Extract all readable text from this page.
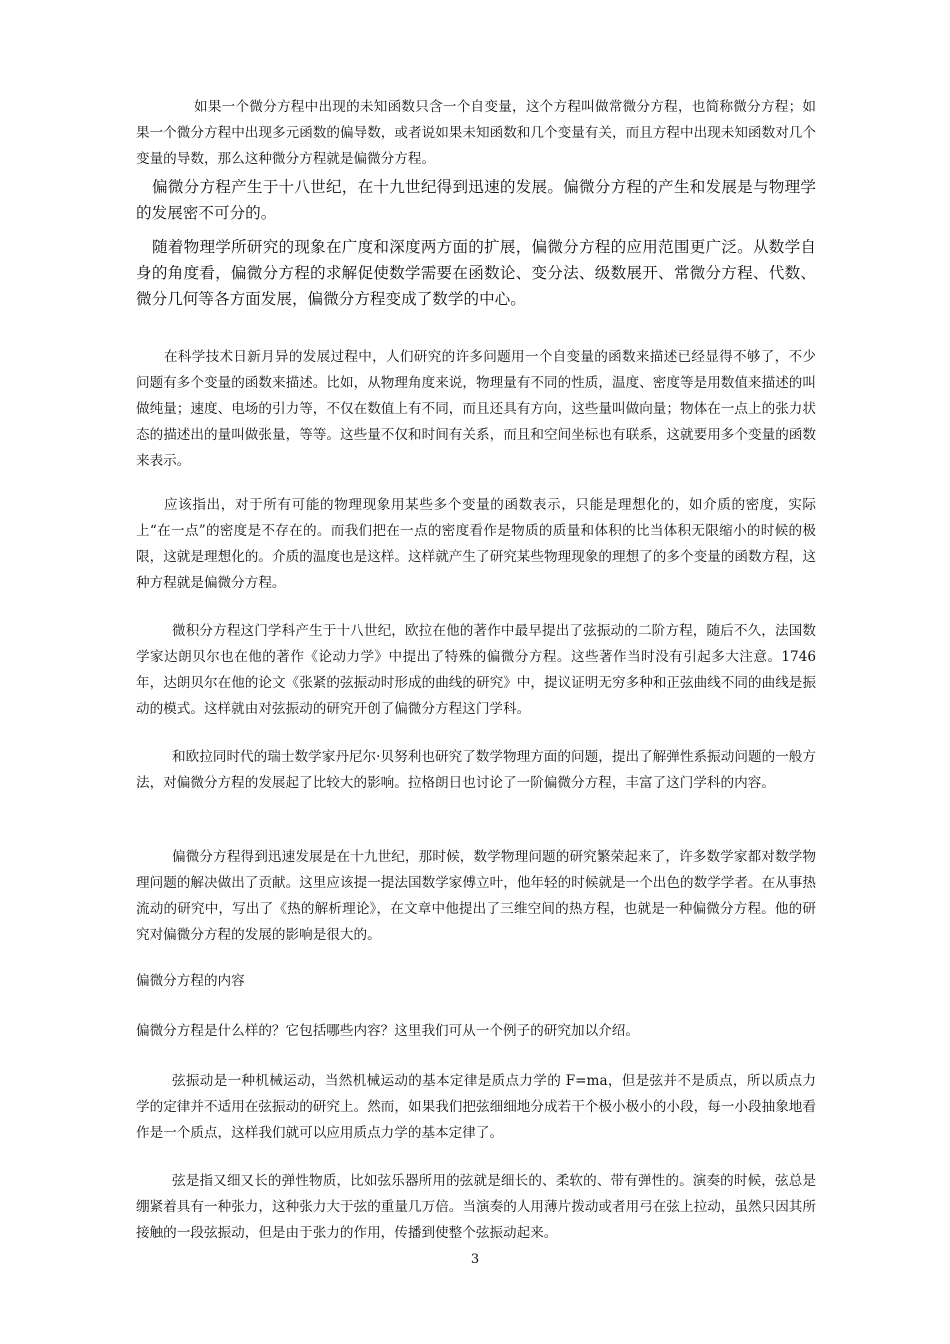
如果一个微分方程中出现的未知函数只含一个自变量，这个方程叫做常微分方程，也简称微分方程；如果一个微分方程中出现多元函数的偏导数，或者说如果未知函数和几个变量有关，而且方程中出现未知函数对几个变量的导数，那么这种微分方程就是偏微分方程。

偏微分方程产生于十八世纪，在十九世纪得到迅速的发展。偏微分方程的产生和发展是与物理学的发展密不可分的。

随着物理学所研究的现象在广度和深度两方面的扩展，偏微分方程的应用范围更广泛。从数学自身的角度看，偏微分方程的求解促使数学需要在函数论、变分法、级数展开、常微分方程、代数、微分几何等各方面发展，偏微分方程变成了数学的中心。

在科学技术日新月异的发展过程中，人们研究的许多问题用一个自变量的函数来描述已经显得不够了，不少问题有多个变量的函数来描述。比如，从物理角度来说，物理量有不同的性质，温度、密度等是用数值来描述的叫做纯量；速度、电场的引力等，不仅在数值上有不同，而且还具有方向，这些量叫做向量；物体在一点上的张力状态的描述出的量叫做张量，等等。这些量不仅和时间有关系，而且和空间坐标也有联系，这就要用多个变量的函数来表示。

应该指出，对于所有可能的物理现象用某些多个变量的函数表示，只能是理想化的，如介质的密度，实际上“在一点”的密度是不存在的。而我们把在一点的密度看作是物质的质量和体积的比当体积无限缩小的时候的极限，这就是理想化的。介质的温度也是这样。这样就产生了研究某些物理现象的理想了的多个变量的函数方程，这种方程就是偏微分方程。

微积分方程这门学科产生于十八世纪，欧拉在他的著作中最早提出了弦振动的二阶方程，随后不久，法国数学家达朗贝尔也在他的著作《论动力学》中提出了特殊的偏微分方程。这些著作当时没有引起多大注意。1746 年，达朗贝尔在他的论文《张紧的弦振动时形成的曲线的研究》中，提议证明无穷多种和正弦曲线不同的曲线是振动的模式。这样就由对弦振动的研究开创了偏微分方程这门学科。

和欧拉同时代的瑞士数学家丹尼尔·贝努利也研究了数学物理方面的问题，提出了解弹性系振动问题的一般方法，对偏微分方程的发展起了比较大的影响。拉格朗日也讨论了一阶偏微分方程，丰富了这门学科的内容。

偏微分方程得到迅速发展是在十九世纪，那时候，数学物理问题的研究繁荣起来了，许多数学家都对数学物理问题的解决做出了贡献。这里应该提一提法国数学家傅立叶，他年轻的时候就是一个出色的数学学者。在从事热流动的研究中，写出了《热的解析理论》，在文章中他提出了三维空间的热方程，也就是一种偏微分方程。他的研究对偏微分方程的发展的影响是很大的。

偏微分方程的内容

偏微分方程是什么样的？它包括哪些内容？这里我们可从一个例子的研究加以介绍。

弦振动是一种机械运动，当然机械运动的基本定律是质点力学的 F=ma，但是弦并不是质点，所以质点力学的定律并不适用在弦振动的研究上。然而，如果我们把弦细细地分成若干个极小极小的小段，每一小段抽象地看作是一个质点，这样我们就可以应用质点力学的基本定律了。

弦是指又细又长的弹性物质，比如弦乐器所用的弦就是细长的、柔软的、带有弹性的。演奏的时候，弦总是绷紧着具有一种张力，这种张力大于弦的重量几万倍。当演奏的人用薄片拨动或者用弓在弦上拉动，虽然只因其所接触的一段弦振动，但是由于张力的作用，传播到使整个弦振动起来。

3
